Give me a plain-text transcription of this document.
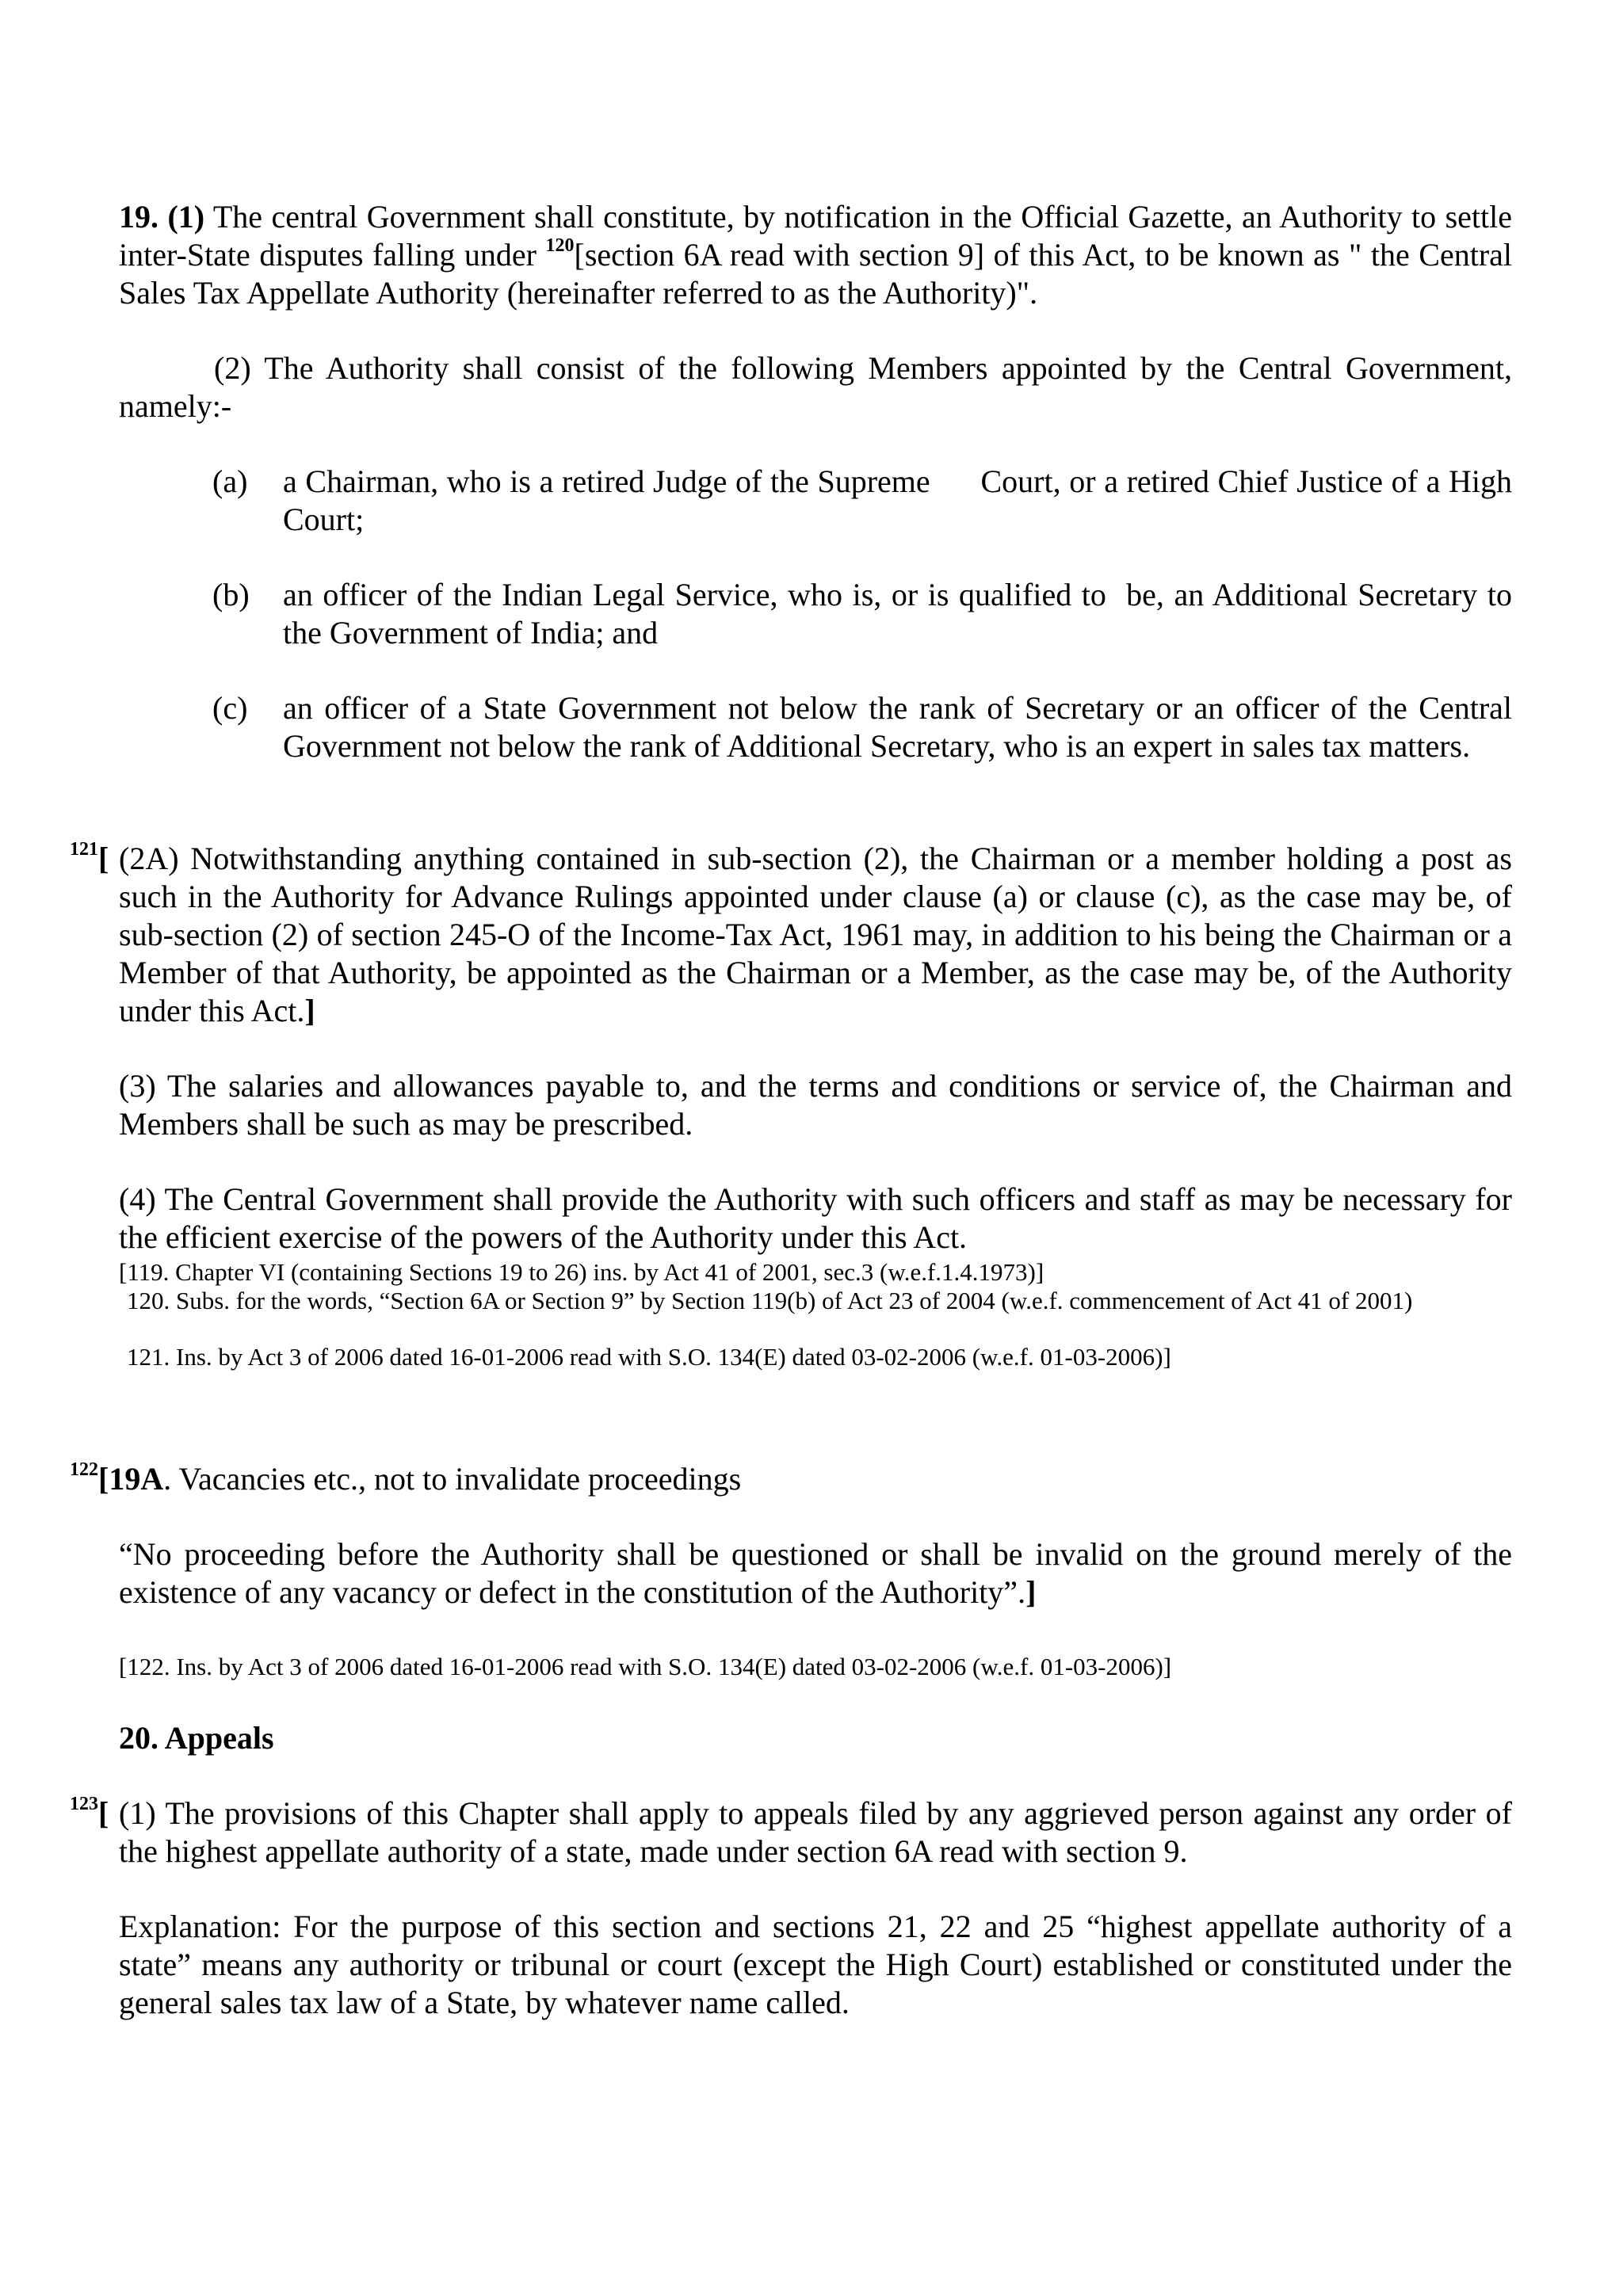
19. (1) The central Government shall constitute, by notification in the Official Gazette, an Authority to settle inter-State disputes falling under $^{120}$[section 6A read with section 9] of this Act, to be known as " the Central Sales Tax Appellate Authority (hereinafter referred to as the Authority)".

(2) The Authority shall consist of the following Members appointed by the Central Government, namely:-

(a) a Chairman, who is a retired Judge of the Supreme      Court, or a retired Chief Justice of a High Court;
(b) an officer of the Indian Legal Service, who is, or is qualified to  be, an Additional Secretary to the Government of India; and
(c) an officer of a State Government not below the rank of Secretary or an officer of the Central Government not below the rank of Additional Secretary, who is an expert in sales tax matters.
$^{121}$[ (2A) Notwithstanding anything contained in sub-section (2), the Chairman or a member holding a post as such in the Authority for Advance Rulings appointed under clause (a) or clause (c), as the case may be, of sub-section (2) of section 245-O of the Income-Tax Act, 1961 may, in addition to his being the Chairman or a Member of that Authority, be appointed as the Chairman or a Member, as the case may be, of the Authority under this Act.]

(3) The salaries and allowances payable to, and the terms and conditions or service of, the Chairman and Members shall be such as may be prescribed.

(4) The Central Government shall provide the Authority with such officers and staff as may be necessary for the efficient exercise of the powers of the Authority under this Act.

[119. Chapter VI (containing Sections 19 to 26) ins. by Act 41 of 2001, sec.3 (w.e.f.1.4.1973)]

120. Subs. for the words, “Section 6A or Section 9” by Section 119(b) of Act 23 of 2004 (w.e.f. commencement of Act 41 of 2001)

121. Ins. by Act 3 of 2006 dated 16-01-2006 read with S.O. 134(E) dated 03-02-2006 (w.e.f. 01-03-2006)]

$^{122}$[19A. Vacancies etc., not to invalidate proceedings

“No proceeding before the Authority shall be questioned or shall be invalid on the ground merely of the existence of any vacancy or defect in the constitution of the Authority”.]

[122. Ins. by Act 3 of 2006 dated 16-01-2006 read with S.O. 134(E) dated 03-02-2006 (w.e.f. 01-03-2006)]

20. Appeals
$^{123}$[ (1) The provisions of this Chapter shall apply to appeals filed by any aggrieved person against any order of the highest appellate authority of a state, made under section 6A read with section 9.

Explanation: For the purpose of this section and sections 21, 22 and 25 “highest appellate authority of a state” means any authority or tribunal or court (except the High Court) established or constituted under the general sales tax law of a State, by whatever name called.
